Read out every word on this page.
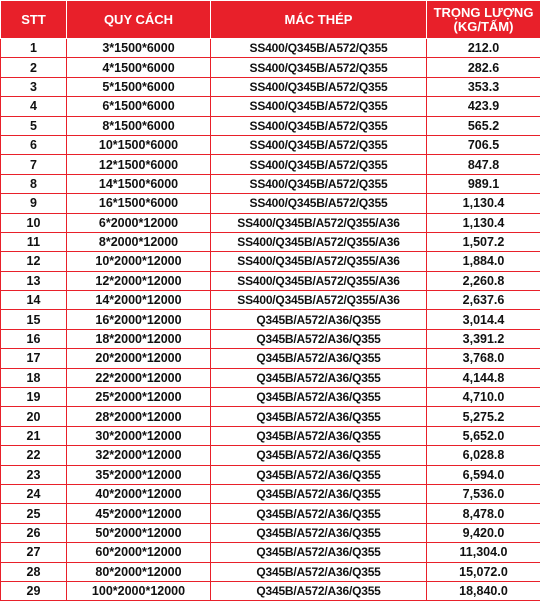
STT	QUY CÁCH	MÁC THÉP	TRỌNG LƯỢNG
(KG/TẤM)
1	3*1500*6000	SS400/Q345B/A572/Q355	212.0
2	4*1500*6000	SS400/Q345B/A572/Q355	282.6
3	5*1500*6000	SS400/Q345B/A572/Q355	353.3
4	6*1500*6000	SS400/Q345B/A572/Q355	423.9
5	8*1500*6000	SS400/Q345B/A572/Q355	565.2
6	10*1500*6000	SS400/Q345B/A572/Q355	706.5
7	12*1500*6000	SS400/Q345B/A572/Q355	847.8
8	14*1500*6000	SS400/Q345B/A572/Q355	989.1
9	16*1500*6000	SS400/Q345B/A572/Q355	1,130.4
10	6*2000*12000	SS400/Q345B/A572/Q355/A36	1,130.4
11	8*2000*12000	SS400/Q345B/A572/Q355/A36	1,507.2
12	10*2000*12000	SS400/Q345B/A572/Q355/A36	1,884.0
13	12*2000*12000	SS400/Q345B/A572/Q355/A36	2,260.8
14	14*2000*12000	SS400/Q345B/A572/Q355/A36	2,637.6
15	16*2000*12000	Q345B/A572/A36/Q355	3,014.4
16	18*2000*12000	Q345B/A572/A36/Q355	3,391.2
17	20*2000*12000	Q345B/A572/A36/Q355	3,768.0
18	22*2000*12000	Q345B/A572/A36/Q355	4,144.8
19	25*2000*12000	Q345B/A572/A36/Q355	4,710.0
20	28*2000*12000	Q345B/A572/A36/Q355	5,275.2
21	30*2000*12000	Q345B/A572/A36/Q355	5,652.0
22	32*2000*12000	Q345B/A572/A36/Q355	6,028.8
23	35*2000*12000	Q345B/A572/A36/Q355	6,594.0
24	40*2000*12000	Q345B/A572/A36/Q355	7,536.0
25	45*2000*12000	Q345B/A572/A36/Q355	8,478.0
26	50*2000*12000	Q345B/A572/A36/Q355	9,420.0
27	60*2000*12000	Q345B/A572/A36/Q355	11,304.0
28	80*2000*12000	Q345B/A572/A36/Q355	15,072.0
29	100*2000*12000	Q345B/A572/A36/Q355	18,840.0
